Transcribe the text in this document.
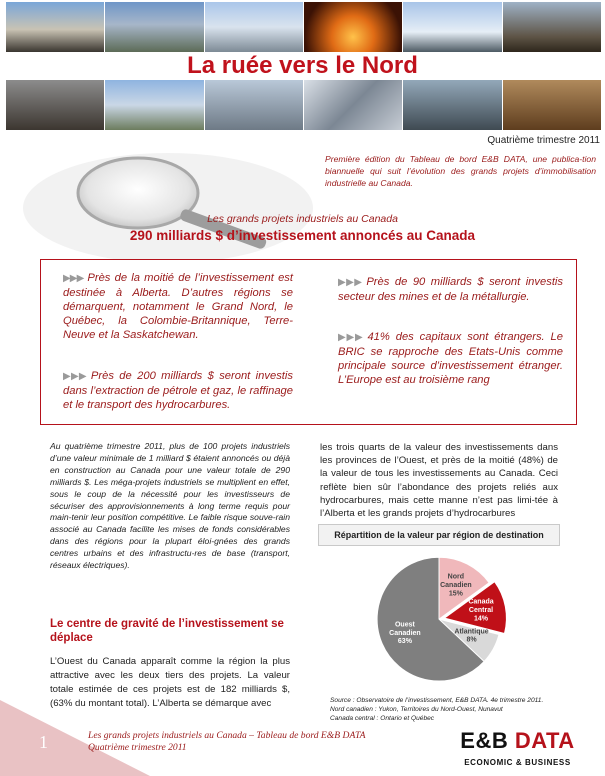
La ruée vers le Nord
Quatrième trimestre 2011
Première édition du Tableau de bord E&B DATA, une publica-tion biannuelle qui suit l’évolution des grands projets d’immobilisation industrielle au Canada.
Les grands projets industriels au Canada
290 milliards $ d’investissement annoncés au Canada
▶▶▶ Près de la moitié de l’investissement est destinée à Alberta. D’autres régions se démarquent, notamment le Grand Nord, le Québec, la Colombie-Britannique, Terre-Neuve et la Saskatchewan.
▶▶▶ Près de 200 milliards $ seront investis dans l’extraction de pétrole et gaz, le raffinage et le transport des hydrocarbures.
▶▶▶ Près de 90 milliards $ seront investis secteur des mines et de la métallurgie.
▶▶▶ 41% des capitaux sont étrangers. Le BRIC se rapproche des Etats-Unis comme principale source d’investissement étranger. L’Europe est au troisième rang
Au quatrième trimestre 2011, plus de 100 projets industriels d’une valeur minimale de 1 milliard $ étaient annoncés ou déjà en construction au Canada pour une valeur totale de 290 milliards $. Les méga-projets industriels se multiplient en effet, sous le coup de la nécessité pour les investisseurs de sécuriser des approvisionnements à long terme requis pour main-tenir leur position compétitive. Le faible risque souve-rain associé au Canada facilite les mises de fonds considérables dans des régions pour la plupart éloi-gnées des grands centres urbains et des infrastructu-res de base (transport, réseaux électriques).
Le centre de gravité de l’investissement se déplace
L’Ouest du Canada apparaît comme la région la plus attractive avec les deux tiers des projets. La valeur totale estimée de ces projets est de 182 milliards $, (63% du montant total). L’Alberta se démarque avec
les trois quarts de la valeur des investissements dans les provinces de l’Ouest, et près de la moitié (48%) de la valeur de tous les investissements au Canada. Ceci reflète bien sûr l’abondance des projets reliés aux hydrocarbures, mais cette manne n’est pas limi-tée à l’Alberta et les grands projets d’hydrocarbures
Répartition de la valeur par région de destination
Nord Canadien 15%
Canada Central 14%
Atlantique 8%
Ouest Canadien 63%
Source : Observatoire de l’investissement, E&B DATA. 4e trimestre 2011.
Nord canadien : Yukon, Territoires du Nord-Ouest, Nunavut
Canada central : Ontario et Québec
1	Les grands projets industriels au Canada – Tableau de bord E&B DATA
Quatrième trimestre 2011	E&B DATA
ECONOMIC & BUSINESS
